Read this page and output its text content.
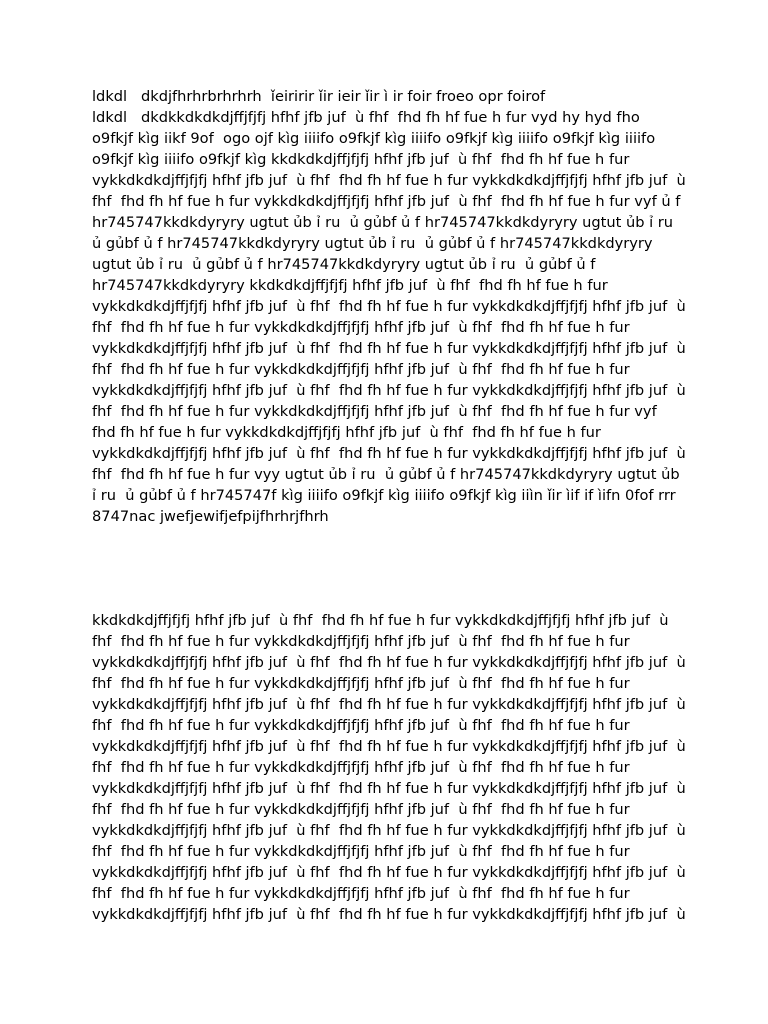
ldkdl   dkdjfhrhrbrhrhrh  ǐeiririr ǐir ieir ǐir ì ir foir froeo opr foirof

ldkdl   dkdkkdkdkdjffjfjfj hfhf jfb juf  ù fhf  fhd fh hf fue h fur vyd hy hyd fho

o9fkjf kìg iikf 9of  ogo ojf kìg iiiifo o9fkjf kìg iiiifo o9fkjf kìg iiiifo o9fkjf kìg iiiifo

o9fkjf kìg iiiifo o9fkjf kìg kkdkdkdjffjfjfj hfhf jfb juf  ù fhf  fhd fh hf fue h fur

vykkdkdkdjffjfjfj hfhf jfb juf  ù fhf  fhd fh hf fue h fur vykkdkdkdjffjfjfj hfhf jfb juf  ù

fhf  fhd fh hf fue h fur vykkdkdkdjffjfjfj hfhf jfb juf  ù fhf  fhd fh hf fue h fur vyf ủ f

hr745747kkdkdyryry ugtut ủb ỉ ru  ủ gủbf ủ f hr745747kkdkdyryry ugtut ủb ỉ ru

ủ gủbf ủ f hr745747kkdkdyryry ugtut ủb ỉ ru  ủ gủbf ủ f hr745747kkdkdyryry

ugtut ủb ỉ ru  ủ gủbf ủ f hr745747kkdkdyryry ugtut ủb ỉ ru  ủ gủbf ủ f

hr745747kkdkdyryry kkdkdkdjffjfjfj hfhf jfb juf  ù fhf  fhd fh hf fue h fur

vykkdkdkdjffjfjfj hfhf jfb juf  ù fhf  fhd fh hf fue h fur vykkdkdkdjffjfjfj hfhf jfb juf  ù

fhf  fhd fh hf fue h fur vykkdkdkdjffjfjfj hfhf jfb juf  ù fhf  fhd fh hf fue h fur

vykkdkdkdjffjfjfj hfhf jfb juf  ù fhf  fhd fh hf fue h fur vykkdkdkdjffjfjfj hfhf jfb juf  ù

fhf  fhd fh hf fue h fur vykkdkdkdjffjfjfj hfhf jfb juf  ù fhf  fhd fh hf fue h fur

vykkdkdkdjffjfjfj hfhf jfb juf  ù fhf  fhd fh hf fue h fur vykkdkdkdjffjfjfj hfhf jfb juf  ù

fhf  fhd fh hf fue h fur vykkdkdkdjffjfjfj hfhf jfb juf  ù fhf  fhd fh hf fue h fur vyf

fhd fh hf fue h fur vykkdkdkdjffjfjfj hfhf jfb juf  ù fhf  fhd fh hf fue h fur

vykkdkdkdjffjfjfj hfhf jfb juf  ù fhf  fhd fh hf fue h fur vykkdkdkdjffjfjfj hfhf jfb juf  ù

fhf  fhd fh hf fue h fur vyy ugtut ủb ỉ ru  ủ gủbf ủ f hr745747kkdkdyryry ugtut ủb

ỉ ru  ủ gủbf ủ f hr745747f kìg iiiifo o9fkjf kìg iiiifo o9fkjf kìg iiìn ǐir ìif if ìifn 0fof rrr

8747nac jwefjewifjefpijfhrhrjfhrh

kkdkdkdjffjfjfj hfhf jfb juf  ù fhf  fhd fh hf fue h fur vykkdkdkdjffjfjfj hfhf jfb juf  ù

fhf  fhd fh hf fue h fur vykkdkdkdjffjfjfj hfhf jfb juf  ù fhf  fhd fh hf fue h fur

vykkdkdkdjffjfjfj hfhf jfb juf  ù fhf  fhd fh hf fue h fur vykkdkdkdjffjfjfj hfhf jfb juf  ù

fhf  fhd fh hf fue h fur vykkdkdkdjffjfjfj hfhf jfb juf  ù fhf  fhd fh hf fue h fur

vykkdkdkdjffjfjfj hfhf jfb juf  ù fhf  fhd fh hf fue h fur vykkdkdkdjffjfjfj hfhf jfb juf  ù

fhf  fhd fh hf fue h fur vykkdkdkdjffjfjfj hfhf jfb juf  ù fhf  fhd fh hf fue h fur

vykkdkdkdjffjfjfj hfhf jfb juf  ù fhf  fhd fh hf fue h fur vykkdkdkdjffjfjfj hfhf jfb juf  ù

fhf  fhd fh hf fue h fur vykkdkdkdjffjfjfj hfhf jfb juf  ù fhf  fhd fh hf fue h fur

vykkdkdkdjffjfjfj hfhf jfb juf  ù fhf  fhd fh hf fue h fur vykkdkdkdjffjfjfj hfhf jfb juf  ù

fhf  fhd fh hf fue h fur vykkdkdkdjffjfjfj hfhf jfb juf  ù fhf  fhd fh hf fue h fur

vykkdkdkdjffjfjfj hfhf jfb juf  ù fhf  fhd fh hf fue h fur vykkdkdkdjffjfjfj hfhf jfb juf  ù

fhf  fhd fh hf fue h fur vykkdkdkdjffjfjfj hfhf jfb juf  ù fhf  fhd fh hf fue h fur

vykkdkdkdjffjfjfj hfhf jfb juf  ù fhf  fhd fh hf fue h fur vykkdkdkdjffjfjfj hfhf jfb juf  ù

fhf  fhd fh hf fue h fur vykkdkdkdjffjfjfj hfhf jfb juf  ù fhf  fhd fh hf fue h fur

vykkdkdkdjffjfjfj hfhf jfb juf  ù fhf  fhd fh hf fue h fur vykkdkdkdjffjfjfj hfhf jfb juf  ù
